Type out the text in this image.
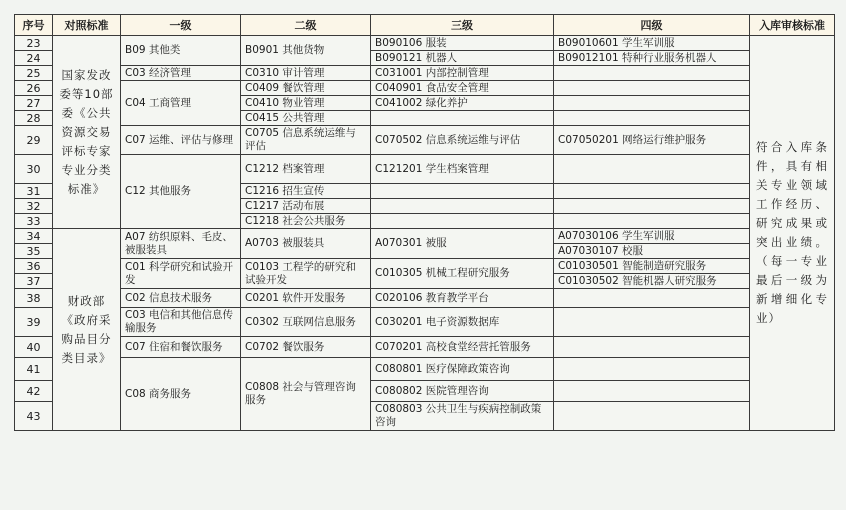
序号	对照标准	一级	二级	三级	四级	入库审核标准
23	国家发改委等10部委《公共资源交易评标专家专业分类标准》	B09 其他类	B0901 其他货物	B090106 服装	B09010601 学生军训服	符合入库条件，具有相关专业领域工作经历、研究成果或突出业绩。（每一专业最后一级为新增细化专业）
24				B090121 机器人	B09012101 特种行业服务机器人	
25		C03 经济管理	C0310 审计管理	C031001 内部控制管理		
26		C04 工商管理	C0409 餐饮管理	C040901 食品安全管理		
27			C0410 物业管理	C041002 绿化养护		
28			C0415 公共管理			
29		C07 运维、评估与修理	C0705 信息系统运维与评估	C070502 信息系统运维与评估	C07050201 网络运行维护服务	
30		C12 其他服务	C1212 档案管理	C121201 学生档案管理		
31			C1216 招生宣传			
32			C1217 活动布展			
33			C1218 社会公共服务			
34	财政部《政府采购品目分类目录》	A07 纺织原料、毛皮、被服装具	A0703 被服装具	A070301 被服	A07030106 学生军训服	
35					A07030107 校服	
36		C01 科学研究和试验开发	C0103 工程学的研究和试验开发	C010305 机械工程研究服务	C01030501 智能制造研究服务	
37					C01030502 智能机器人研究服务	
38		C02 信息技术服务	C0201 软件开发服务	C020106 教育教学平台		
39		C03 电信和其他信息传输服务	C0302 互联网信息服务	C030201 电子资源数据库		
40		C07 住宿和餐饮服务	C0702 餐饮服务	C070201 高校食堂经营托管服务		
41		C08 商务服务	C0808 社会与管理咨询服务	C080801 医疗保障政策咨询		
42				C080802 医院管理咨询		
43				C080803 公共卫生与疾病控制政策咨询		
